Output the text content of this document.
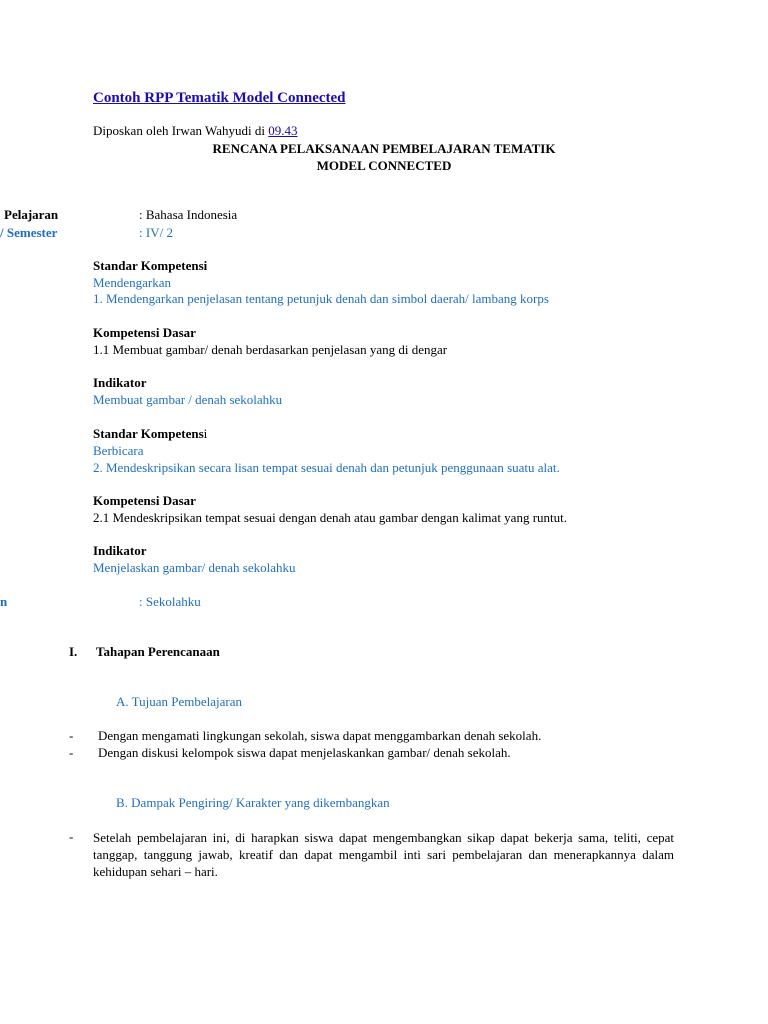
Contoh RPP Tematik Model Connected
Diposkan oleh Irwan Wahyudi di 09.43
RENCANA PELAKSANAAN PEMBELAJARAN TEMATIK
MODEL CONNECTED
Pelajaran	: Bahasa Indonesia
/ Semester	: IV/ 2
Standar Kompetensi
Mendengarkan
1. Mendengarkan penjelasan tentang petunjuk denah dan simbol daerah/ lambang korps
Kompetensi Dasar
1.1 Membuat gambar/ denah berdasarkan penjelasan yang di dengar
Indikator
Membuat gambar / denah sekolahku
Standar Kompetensi
Berbicara
2. Mendeskripsikan secara lisan tempat sesuai denah dan petunjuk penggunaan suatu alat.
Kompetensi Dasar
2.1 Mendeskripsikan tempat sesuai dengan denah atau gambar dengan kalimat yang runtut.
Indikator
Menjelaskan gambar/ denah sekolahku
n	: Sekolahku
I. Tahapan Perencanaan
A. Tujuan Pembelajaran
- Dengan mengamati lingkungan sekolah, siswa dapat menggambarkan denah sekolah.
- Dengan diskusi kelompok siswa dapat menjelaskankan gambar/ denah sekolah.
B. Dampak Pengiring/ Karakter yang dikembangkan
- Setelah pembelajaran ini, di harapkan siswa dapat mengembangkan sikap dapat bekerja sama, teliti, cepat tanggap, tanggung jawab, kreatif dan dapat mengambil inti sari pembelajaran dan menerapkannya dalam kehidupan sehari – hari.
